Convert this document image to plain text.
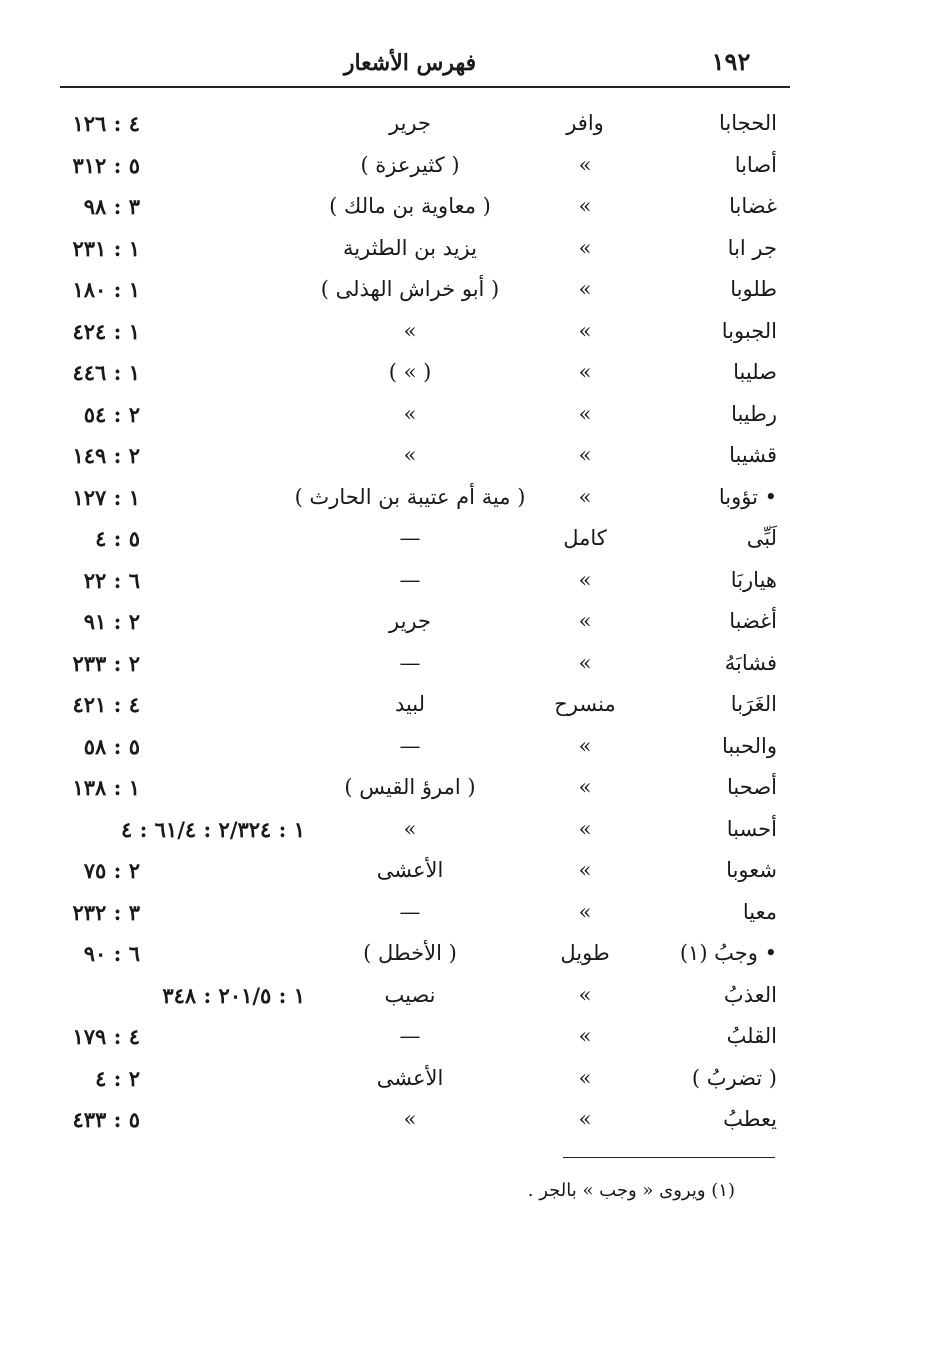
١٩٢
فهرس الأشعار
الحجابا
وافر
جرير
٤ : ١٢٦
أصابا
»
( كثيرعزة )
٥ : ٣١٢
غضابا
»
( معاوية بن مالك )
٣ : ٩٨
جر ابا
»
يزيد بن الطثرية
١ : ٢٣١
طلوبا
»
( أبو خراش الهذلى )
١ : ١٨٠
الجبوبا
»
»
١ : ٤٢٤
صليبا
»
( » )
١ : ٤٤٦
رطيبا
»
»
٢ : ٥٤
قشيبا
»
»
٢ : ١٤٩
• تؤوبا
»
( مية أم عتيبة بن الحارث )
١ : ١٢٧
لَبِّى
كامل
—
٥ : ٤
هياربَا
»
—
٦ : ٢٢
أغضبا
»
جرير
٢ : ٩١
فشابَهُ
»
—
٢ : ٢٣٣
الغَرَبا
منسرح
لبيد
٤ : ٤٢١
والحببا
»
—
٥ : ٥٨
أصحبا
»
( امرؤ القيس )
١ : ١٣٨
أحسبا
»
»
١ : ٢/٣٢٤ : ٦١/٤ : ٤
شعوبا
»
الأعشى
٢ : ٧٥
معيا
»
—
٣ : ٢٣٢
• وجبُ (١)
طويل
( الأخطل )
٦ : ٩٠
العذبُ
»
نصيب
١ : ٢٠١/٥ : ٣٤٨
القلبُ
»
—
٤ : ١٧٩
( تضربُ )
»
الأعشى
٢ : ٤
يعطبُ
»
»
٥ : ٤٣٣
(١) ويروى « وجب » بالجر .
